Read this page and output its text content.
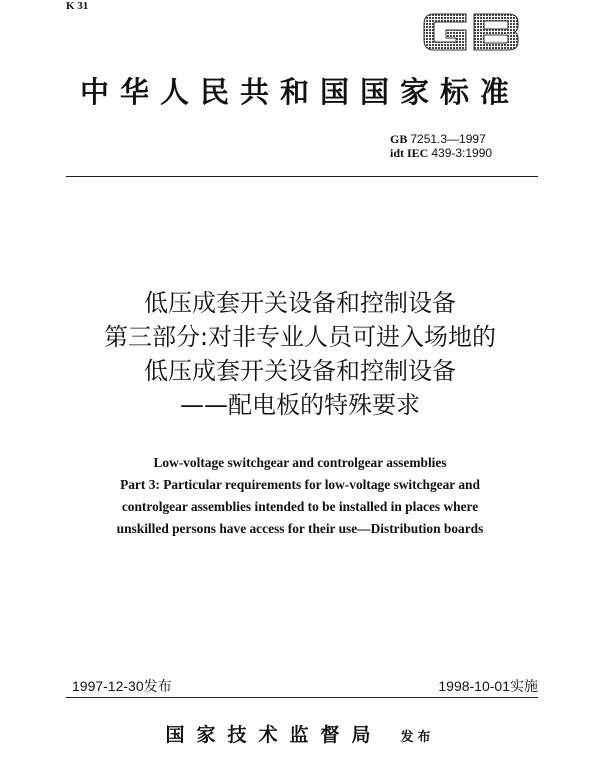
K 31
中华人民共和国国家标准
GB 7251.3—1997
idt IEC 439-3:1990
低压成套开关设备和控制设备
第三部分:对非专业人员可进入场地的
低压成套开关设备和控制设备
——配电板的特殊要求
Low-voltage switchgear and controlgear assemblies
Part 3: Particular requirements for low-voltage switchgear and
controlgear assemblies intended to be installed in places where
unskilled persons have access for their use—Distribution boards
1997-12-30发布	1998-10-01实施
国家技术监督局 发布
